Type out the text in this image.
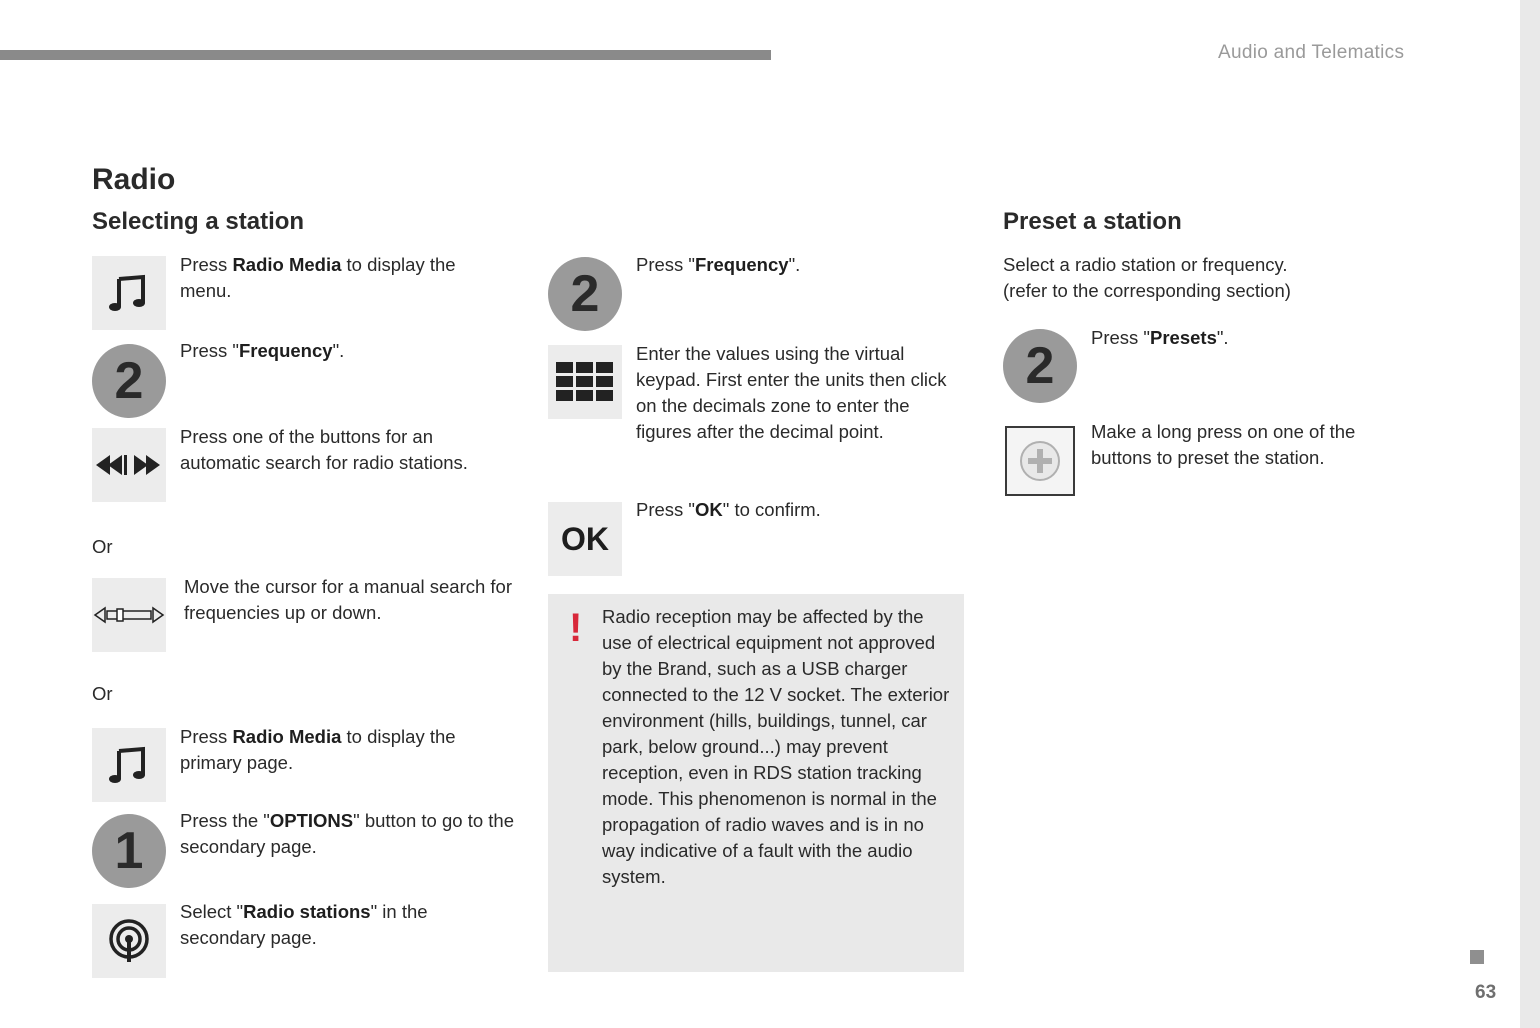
Audio and Telematics
63
Radio
Selecting a station
Press Radio Media to display the menu.
2
Press "Frequency".
Press one of the buttons for an automatic search for radio stations.
Or
Move the cursor for a manual search for frequencies up or down.
Or
Press Radio Media to display the primary page.
1
Press the "OPTIONS" button to go to the secondary page.
Select "Radio stations" in the secondary page.
2
Press "Frequency".
Enter the values using the virtual keypad. First enter the units then click on the decimals zone to enter the figures after the decimal point.
OK
Press "OK" to confirm.
! Radio reception may be affected by the use of electrical equipment not approved by the Brand, such as a USB charger connected to the 12 V socket. The exterior environment (hills, buildings, tunnel, car park, below ground...) may prevent reception, even in RDS station tracking mode. This phenomenon is normal in the propagation of radio waves and is in no way indicative of a fault with the audio system.
Preset a station
Select a radio station or frequency. (refer to the corresponding section)
2	Press "Presets".
Make a long press on one of the buttons to preset the station.
